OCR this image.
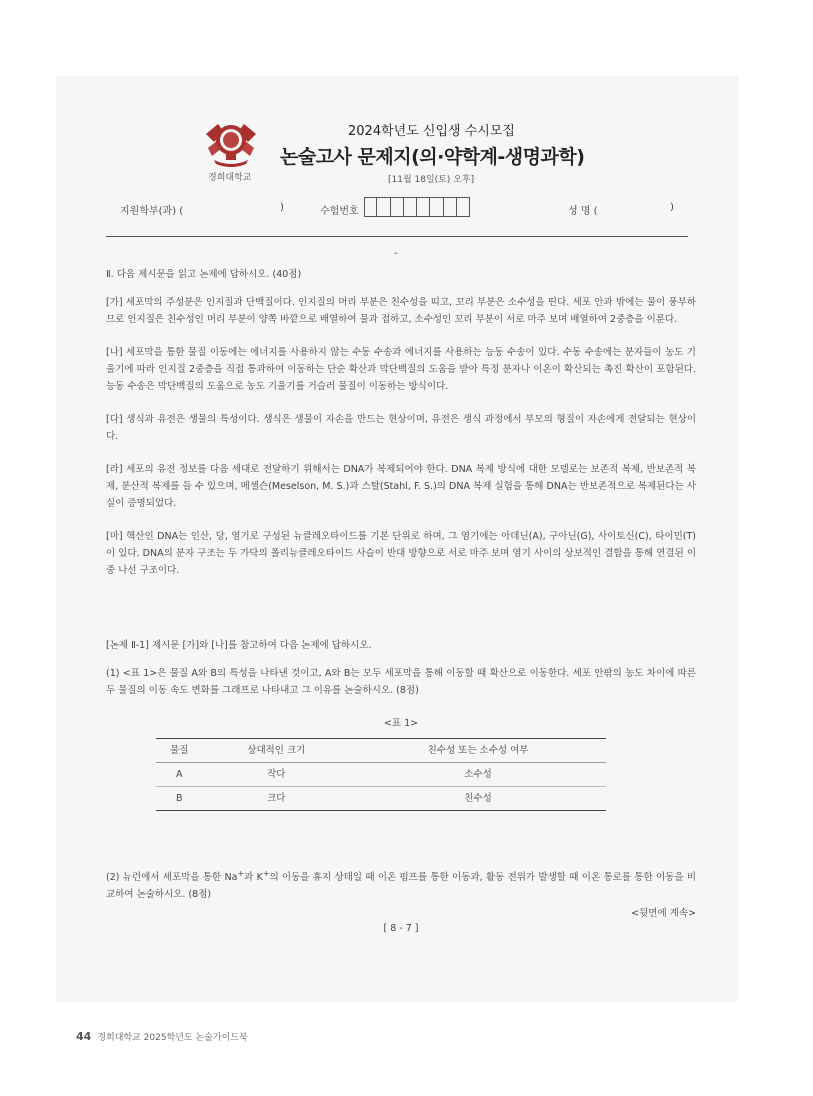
경희대학교
2024학년도 신입생 수시모집
논술고사 문제지(의·약학계-생명과학)
[11월 18일(토) 오후]
지원학부(과) (	)	수험번호	성 명 (	)
-
Ⅱ. 다음 제시문을 읽고 논제에 답하시오. (40점)

[가] 세포막의 주성분은 인지질과 단백질이다. 인지질의 머리 부분은 친수성을 띠고, 꼬리 부분은 소수성을 띤다. 세포 안과 밖에는 물이 풍부하므로 인지질은 친수성인 머리 부분이 양쪽 바깥으로 배열하여 물과 접하고, 소수성인 꼬리 부분이 서로 마주 보며 배열하여 2중층을 이룬다.

[나] 세포막을 통한 물질 이동에는 에너지를 사용하지 않는 수동 수송과 에너지를 사용하는 능동 수송이 있다. 수동 수송에는 분자들이 농도 기울기에 따라 인지질 2중층을 직접 통과하여 이동하는 단순 확산과 막단백질의 도움을 받아 특정 분자나 이온이 확산되는 촉진 확산이 포함된다. 능동 수송은 막단백질의 도움으로 농도 기울기를 거슬러 물질이 이동하는 방식이다.

[다] 생식과 유전은 생물의 특성이다. 생식은 생물이 자손을 만드는 현상이며, 유전은 생식 과정에서 부모의 형질이 자손에게 전달되는 현상이다.

[라] 세포의 유전 정보를 다음 세대로 전달하기 위해서는 DNA가 복제되어야 한다. DNA 복제 방식에 대한 모델로는 보존적 복제, 반보존적 복제, 분산적 복제를 들 수 있으며, 메셀슨(Meselson, M. S.)과 스탈(Stahl, F. S.)의 DNA 복제 실험을 통해 DNA는 반보존적으로 복제된다는 사실이 증명되었다.

[마] 핵산인 DNA는 인산, 당, 염기로 구성된 뉴클레오타이드를 기본 단위로 하며, 그 염기에는 아데닌(A), 구아닌(G), 사이토신(C), 타이민(T)이 있다. DNA의 분자 구조는 두 가닥의 폴리뉴클레오타이드 사슬이 반대 방향으로 서로 마주 보며 염기 사이의 상보적인 결합을 통해 연결된 이중 나선 구조이다.

[논제 Ⅱ-1] 제시문 [가]와 [나]를 참고하여 다음 논제에 답하시오.

(1) <표 1>은 물질 A와 B의 특성을 나타낸 것이고, A와 B는 모두 세포막을 통해 이동할 때 확산으로 이동한다. 세포 안팎의 농도 차이에 따른 두 물질의 이동 속도 변화를 그래프로 나타내고 그 이유를 논술하시오. (8점)

<표 1>
물질	상대적인 크기	친수성 또는 소수성 여부
A	작다	소수성
B	크다	친수성

(2) 뉴런에서 세포막을 통한 Na+과 K+의 이동을 휴지 상태일 때 이온 펌프를 통한 이동과, 활동 전위가 발생할 때 이온 통로를 통한 이동을 비교하여 논술하시오. (8점)

<뒷면에 계속>
[ 8 - 7 ]
44 경희대학교 2025학년도 논술가이드북
